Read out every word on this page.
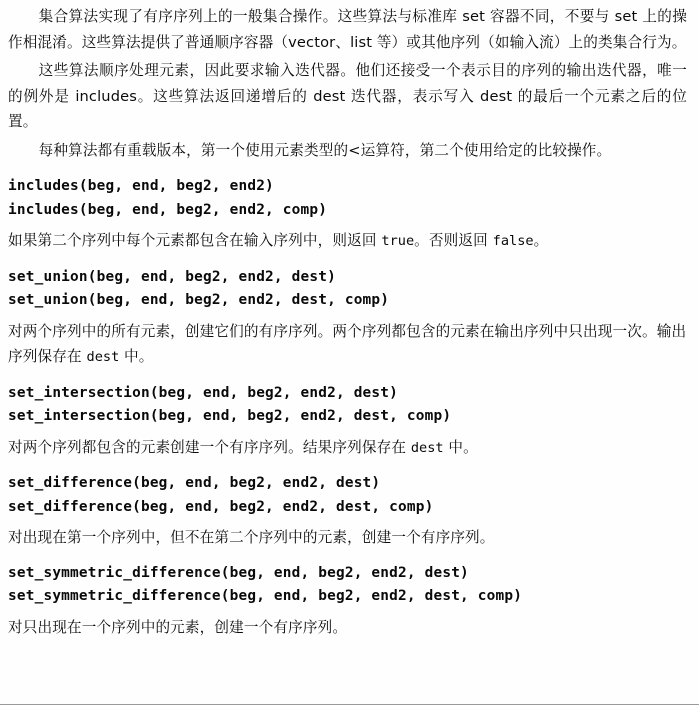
集合算法实现了有序序列上的一般集合操作。这些算法与标准库 set 容器不同，不要与 set 上的操作相混淆。这些算法提供了普通顺序容器（vector、list 等）或其他序列（如输入流）上的类集合行为。

这些算法顺序处理元素，因此要求输入迭代器。他们还接受一个表示目的序列的输出迭代器，唯一的例外是 includes。这些算法返回递增后的 dest 迭代器，表示写入 dest 的最后一个元素之后的位置。

每种算法都有重载版本，第一个使用元素类型的<运算符，第二个使用给定的比较操作。

includes(beg, end, beg2, end2)
includes(beg, end, beg2, end2, comp)

如果第二个序列中每个元素都包含在输入序列中，则返回 true。否则返回 false。

set_union(beg, end, beg2, end2, dest)
set_union(beg, end, beg2, end2, dest, comp)

对两个序列中的所有元素，创建它们的有序序列。两个序列都包含的元素在输出序列中只出现一次。输出序列保存在 dest 中。

set_intersection(beg, end, beg2, end2, dest)
set_intersection(beg, end, beg2, end2, dest, comp)

对两个序列都包含的元素创建一个有序序列。结果序列保存在 dest 中。

set_difference(beg, end, beg2, end2, dest)
set_difference(beg, end, beg2, end2, dest, comp)

对出现在第一个序列中，但不在第二个序列中的元素，创建一个有序序列。

set_symmetric_difference(beg, end, beg2, end2, dest)
set_symmetric_difference(beg, end, beg2, end2, dest, comp)

对只出现在一个序列中的元素，创建一个有序序列。
